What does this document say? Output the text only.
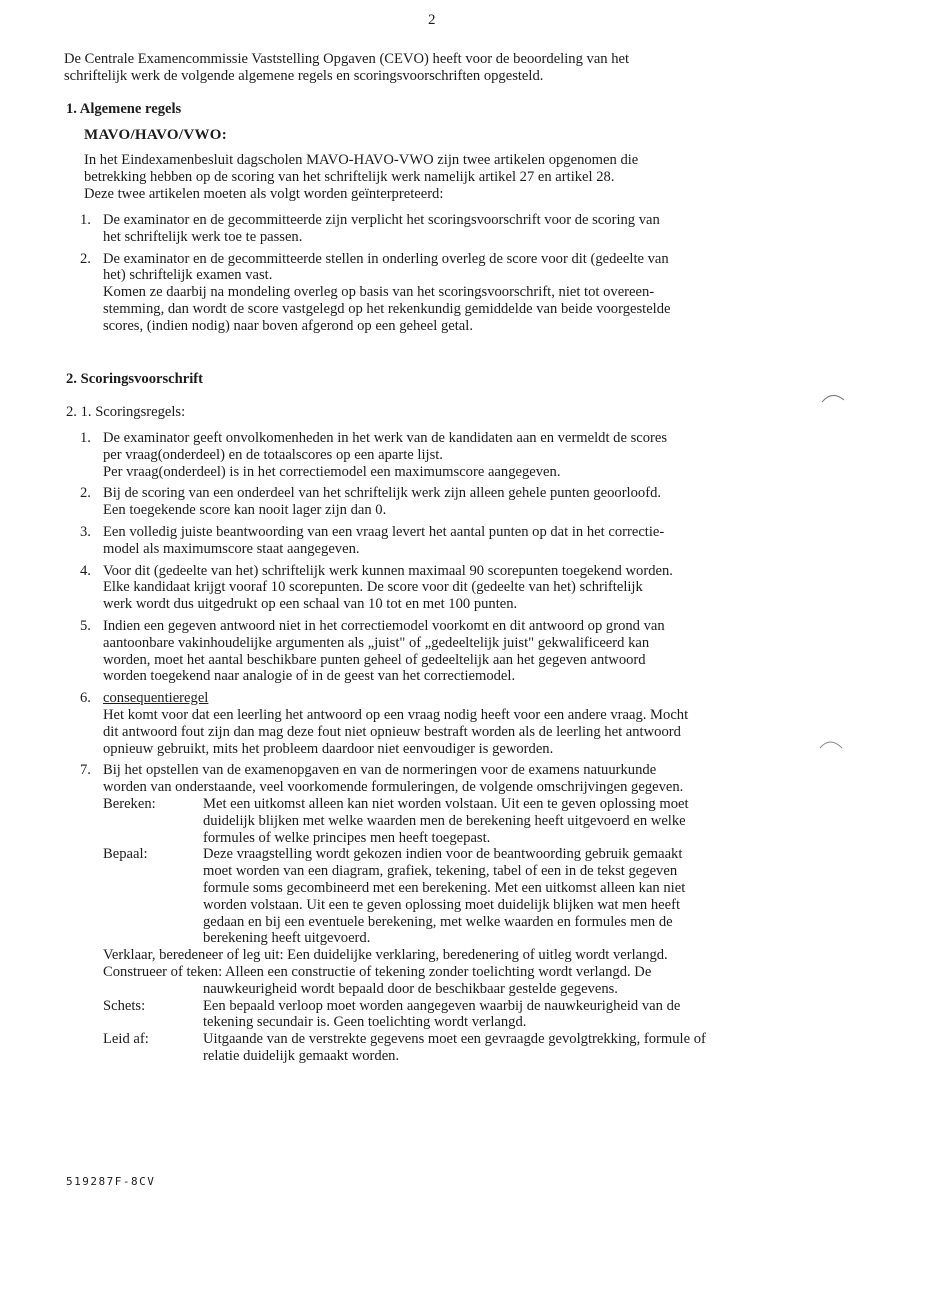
2
De Centrale Examencommissie Vaststelling Opgaven (CEVO) heeft voor de beoordeling van het
schriftelijk werk de volgende algemene regels en scoringsvoorschriften opgesteld.
1. Algemene regels
MAVO/HAVO/VWO:
In het Eindexamenbesluit dagscholen MAVO-HAVO-VWO zijn twee artikelen opgenomen die
betrekking hebben op de scoring van het schriftelijk werk namelijk artikel 27 en artikel 28.
Deze twee artikelen moeten als volgt worden geïnterpreteerd:
1. De examinator en de gecommitteerde zijn verplicht het scoringsvoorschrift voor de scoring van
het schriftelijk werk toe te passen.
2. De examinator en de gecommitteerde stellen in onderling overleg de score voor dit (gedeelte van
het) schriftelijk examen vast.
Komen ze daarbij na mondeling overleg op basis van het scoringsvoorschrift, niet tot overeen-
stemming, dan wordt de score vastgelegd op het rekenkundig gemiddelde van beide voorgestelde
scores, (indien nodig) naar boven afgerond op een geheel getal.
2. Scoringsvoorschrift
2. 1. Scoringsregels:
1. De examinator geeft onvolkomenheden in het werk van de kandidaten aan en vermeldt de scores
per vraag(onderdeel) en de totaalscores op een aparte lijst.
Per vraag(onderdeel) is in het correctiemodel een maximumscore aangegeven.
2. Bij de scoring van een onderdeel van het schriftelijk werk zijn alleen gehele punten geoorloofd.
Een toegekende score kan nooit lager zijn dan 0.
3. Een volledig juiste beantwoording van een vraag levert het aantal punten op dat in het correctie-
model als maximumscore staat aangegeven.
4. Voor dit (gedeelte van het) schriftelijk werk kunnen maximaal 90 scorepunten toegekend worden.
Elke kandidaat krijgt vooraf 10 scorepunten. De score voor dit (gedeelte van het) schriftelijk
werk wordt dus uitgedrukt op een schaal van 10 tot en met 100 punten.
5. Indien een gegeven antwoord niet in het correctiemodel voorkomt en dit antwoord op grond van
aantoonbare vakinhoudelijke argumenten als „juist" of „gedeeltelijk juist" gekwalificeerd kan
worden, moet het aantal beschikbare punten geheel of gedeeltelijk aan het gegeven antwoord
worden toegekend naar analogie of in de geest van het correctiemodel.
6. consequentieregel
Het komt voor dat een leerling het antwoord op een vraag nodig heeft voor een andere vraag. Mocht
dit antwoord fout zijn dan mag deze fout niet opnieuw bestraft worden als de leerling het antwoord
opnieuw gebruikt, mits het probleem daardoor niet eenvoudiger is geworden.
7. Bij het opstellen van de examenopgaven en van de normeringen voor de examens natuurkunde
worden van onderstaande, veel voorkomende formuleringen, de volgende omschrijvingen gegeven.
Bereken:	Met een uitkomst alleen kan niet worden volstaan. Uit een te geven oplossing moet
duidelijk blijken met welke waarden men de berekening heeft uitgevoerd en welke
formules of welke principes men heeft toegepast.
Bepaal:	Deze vraagstelling wordt gekozen indien voor de beantwoording gebruik gemaakt
moet worden van een diagram, grafiek, tekening, tabel of een in de tekst gegeven
formule soms gecombineerd met een berekening. Met een uitkomst alleen kan niet
worden volstaan. Uit een te geven oplossing moet duidelijk blijken wat men heeft
gedaan en bij een eventuele berekening, met welke waarden en formules men de
berekening heeft uitgevoerd.
Verklaar, beredeneer of leg uit: Een duidelijke verklaring, beredenering of uitleg wordt verlangd.
Construeer of teken: Alleen een constructie of tekening zonder toelichting wordt verlangd. De
nauwkeurigheid wordt bepaald door de beschikbaar gestelde gegevens.
Schets:	Een bepaald verloop moet worden aangegeven waarbij de nauwkeurigheid van de
tekening secundair is. Geen toelichting wordt verlangd.
Leid af:	Uitgaande van de verstrekte gegevens moet een gevraagde gevolgtrekking, formule of
relatie duidelijk gemaakt worden.
519287F-8CV
